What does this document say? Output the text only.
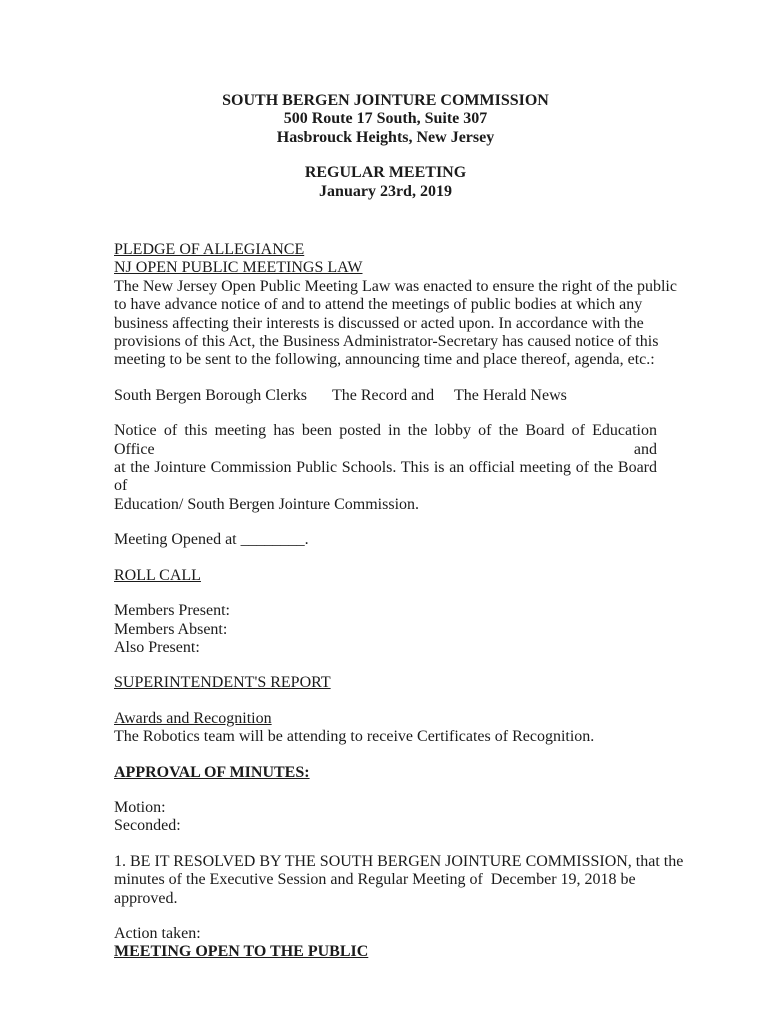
SOUTH BERGEN JOINTURE COMMISSION
500 Route 17 South, Suite 307
Hasbrouck Heights, New Jersey
REGULAR MEETING
January 23rd, 2019
PLEDGE OF ALLEGIANCE
NJ OPEN PUBLIC MEETINGS LAW
The New Jersey Open Public Meeting Law was enacted to ensure the right of the public
to have advance notice of and to attend the meetings of public bodies at which any
business affecting their interests is discussed or acted upon. In accordance with the
provisions of this Act, the Business Administrator-Secretary has caused notice of this
meeting to be sent to the following, announcing time and place thereof, agenda, etc.:
South Bergen Borough Clerks The Record and The Herald News
Notice of this meeting has been posted in the lobby of the Board of Education Office and
at the Jointure Commission Public Schools. This is an official meeting of the Board of
Education/ South Bergen Jointure Commission.
Meeting Opened at ________.
ROLL CALL
Members Present:
Members Absent:
Also Present:
SUPERINTENDENT'S REPORT
Awards and Recognition
The Robotics team will be attending to receive Certificates of Recognition.
APPROVAL OF MINUTES:
Motion:
Seconded:
1. BE IT RESOLVED BY THE SOUTH BERGEN JOINTURE COMMISSION, that the
minutes of the Executive Session and Regular Meeting of  December 19, 2018 be
approved.
Action taken:
MEETING OPEN TO THE PUBLIC
